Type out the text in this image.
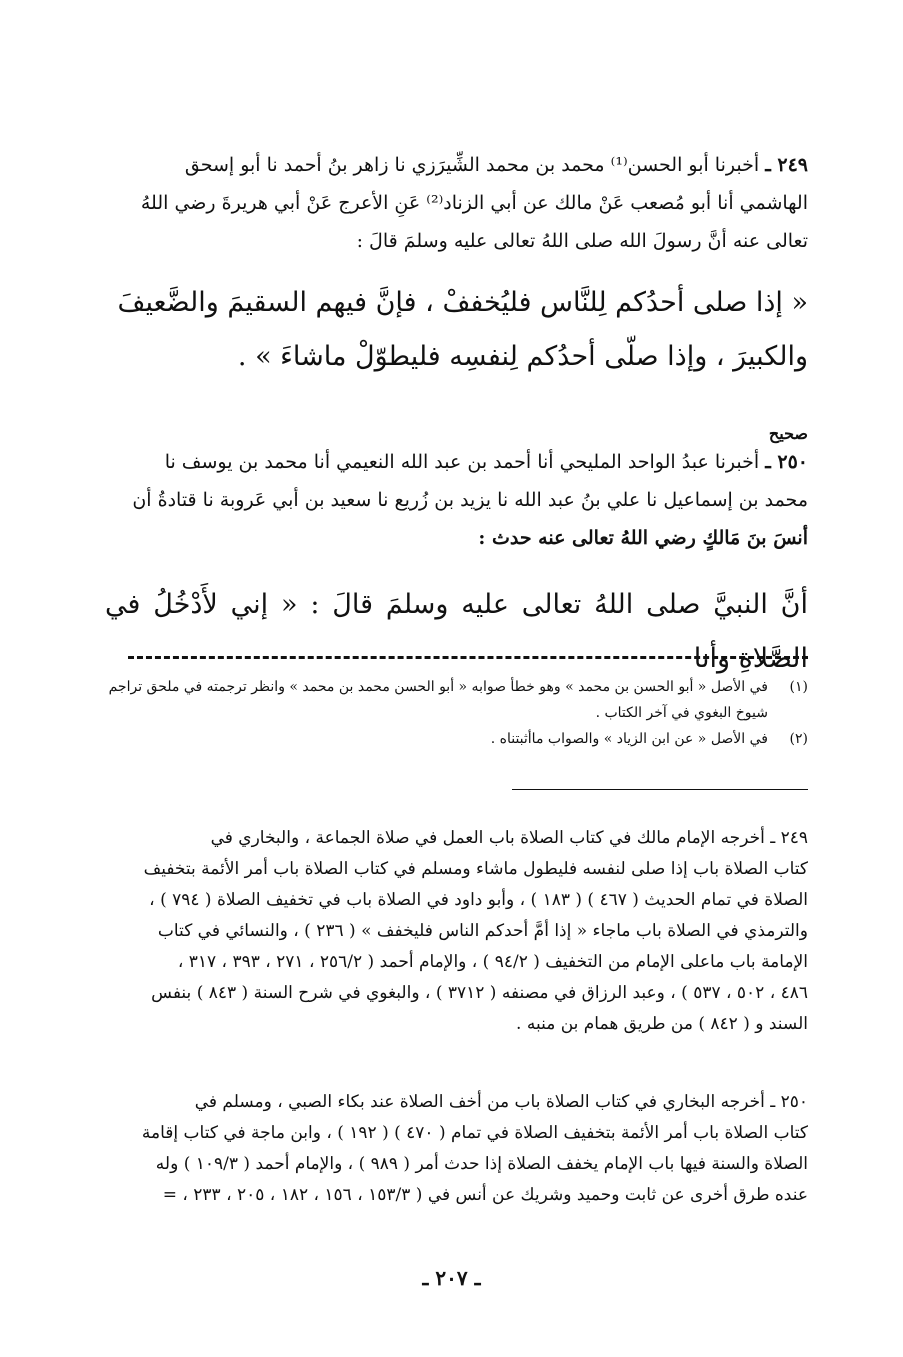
٢٤٩ ـ أخبرنا أبو الحسن⁽¹⁾ محمد بن محمد الشِّيرَزي نا زاهر بنُ أحمد نا أبو إسحق
الهاشمي أنا أبو مُصعب عَنْ مالك عن أبي الزناد⁽²⁾ عَنِ الأعرج عَنْ أبي هريرةَ رضي اللهُ
تعالى عنه أنَّ رسولَ الله صلى اللهُ تعالى عليه وسلمَ قالَ :

« إذا صلى أحدُكم لِلنَّاس فليُخففْ ، فإنَّ فيهم السقيمَ والضَّعيفَ
والكبيرَ ، وإذا صلّى أحدُكم لِنفسِه فليطوّلْ ماشاءَ » .

صحيح

٢٥٠ ـ أخبرنا عبدُ الواحد المليحي أنا أحمد بن عبد الله النعيمي أنا محمد بن يوسف نا
محمد بن إسماعيل نا علي بنُ عبد الله نا يزيد بن زُريع نا سعيد بن أبي عَروبة نا قتادةُ أن
أنسَ بنَ مَالكٍ رضي اللهُ تعالى عنه حدث :

أنَّ النبيَّ صلى اللهُ تعالى عليه وسلمَ قالَ : « إني لأَدْخُلُ في الصَّلاةِ وأنا

(١)
في الأصل « أبو الحسن بن محمد » وهو خطأ صوابه « أبو الحسن محمد بن محمد » وانظر ترجمته في ملحق تراجم
شيوخ البغوي في آخر الكتاب .
(٢)
في الأصل « عن ابن الزياد » والصواب ماأثبتناه .

٢٤٩ ـ أخرجه الإمام مالك في كتاب الصلاة باب العمل في صلاة الجماعة ، والبخاري في
كتاب الصلاة باب إذا صلى لنفسه فليطول ماشاء ومسلم في كتاب الصلاة باب أمر الأئمة بتخفيف
الصلاة في تمام الحديث ( ٤٦٧ ) ( ١٨٣ ) ، وأبو داود في الصلاة باب في تخفيف الصلاة ( ٧٩٤ ) ،
والترمذي في الصلاة باب ماجاء « إذا أمَّ أحدكم الناس فليخفف » ( ٢٣٦ ) ، والنسائي في كتاب
الإمامة باب ماعلى الإمام من التخفيف ( ٩٤/٢ ) ، والإمام أحمد ( ٢٥٦/٢ ، ٢٧١ ، ٣٩٣ ، ٣١٧ ،
٤٨٦ ، ٥٠٢ ، ٥٣٧ ) ، وعبد الرزاق في مصنفه ( ٣٧١٢ ) ، والبغوي في شرح السنة ( ٨٤٣ ) بنفس
السند و ( ٨٤٢ ) من طريق همام بن منبه .

٢٥٠ ـ أخرجه البخاري في كتاب الصلاة باب من أخف الصلاة عند بكاء الصبي ، ومسلم في
كتاب الصلاة باب أمر الأئمة بتخفيف الصلاة في تمام ( ٤٧٠ ) ( ١٩٢ ) ، وابن ماجة في كتاب إقامة
الصلاة والسنة فيها باب الإمام يخفف الصلاة إذا حدث أمر ( ٩٨٩ ) ، والإمام أحمد ( ١٠٩/٣ ) وله
عنده طرق أخرى عن ثابت وحميد وشريك عن أنس في ( ١٥٣/٣ ، ١٥٦ ، ١٨٢ ، ٢٠٥ ، ٢٣٣ ، =

ـ ٢٠٧ ـ
